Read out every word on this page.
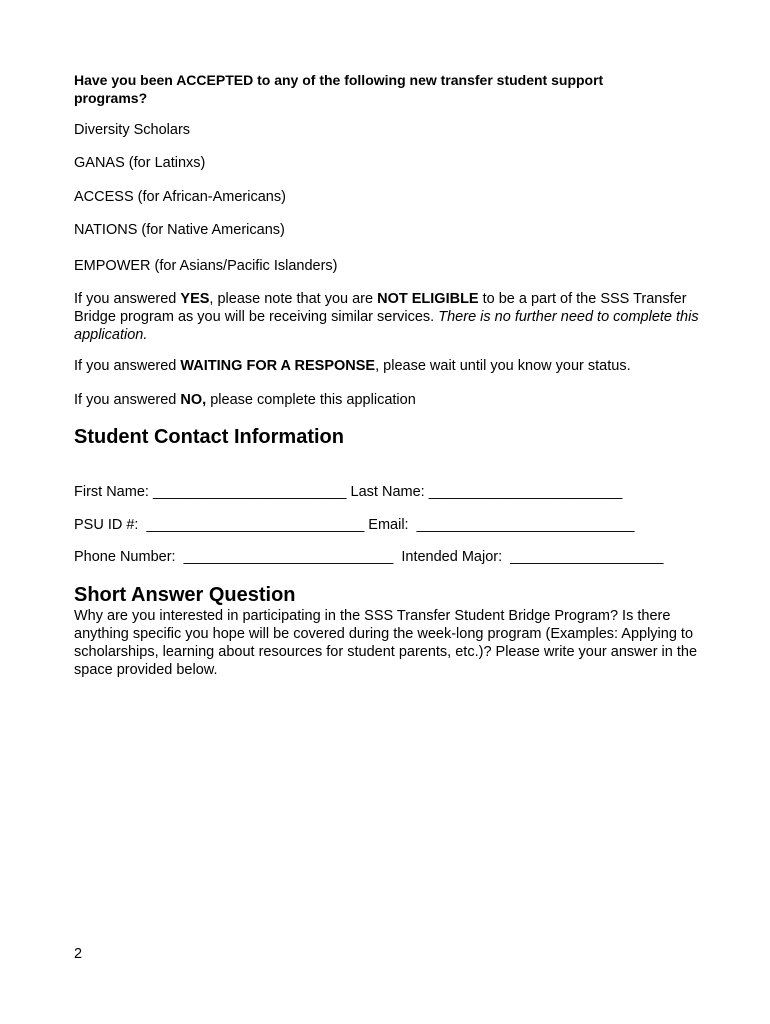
Have you been ACCEPTED to any of the following new transfer student support programs?

Diversity Scholars

GANAS (for Latinxs)

ACCESS (for African-Americans)

NATIONS (for Native Americans)

EMPOWER (for Asians/Pacific Islanders)

If you answered YES, please note that you are NOT ELIGIBLE to be a part of the SSS Transfer Bridge program as you will be receiving similar services. There is no further need to complete this application.

If you answered WAITING FOR A RESPONSE, please wait until you know your status.

If you answered NO, please complete this application

Student Contact Information

First Name: ________________________ Last Name: ________________________

PSU ID #: ___________________________ Email: ___________________________

Phone Number: __________________________ Intended Major: ___________________

Short Answer Question

Why are you interested in participating in the SSS Transfer Student Bridge Program? Is there anything specific you hope will be covered during the week-long program (Examples: Applying to scholarships, learning about resources for student parents, etc.)? Please write your answer in the space provided below.

2
